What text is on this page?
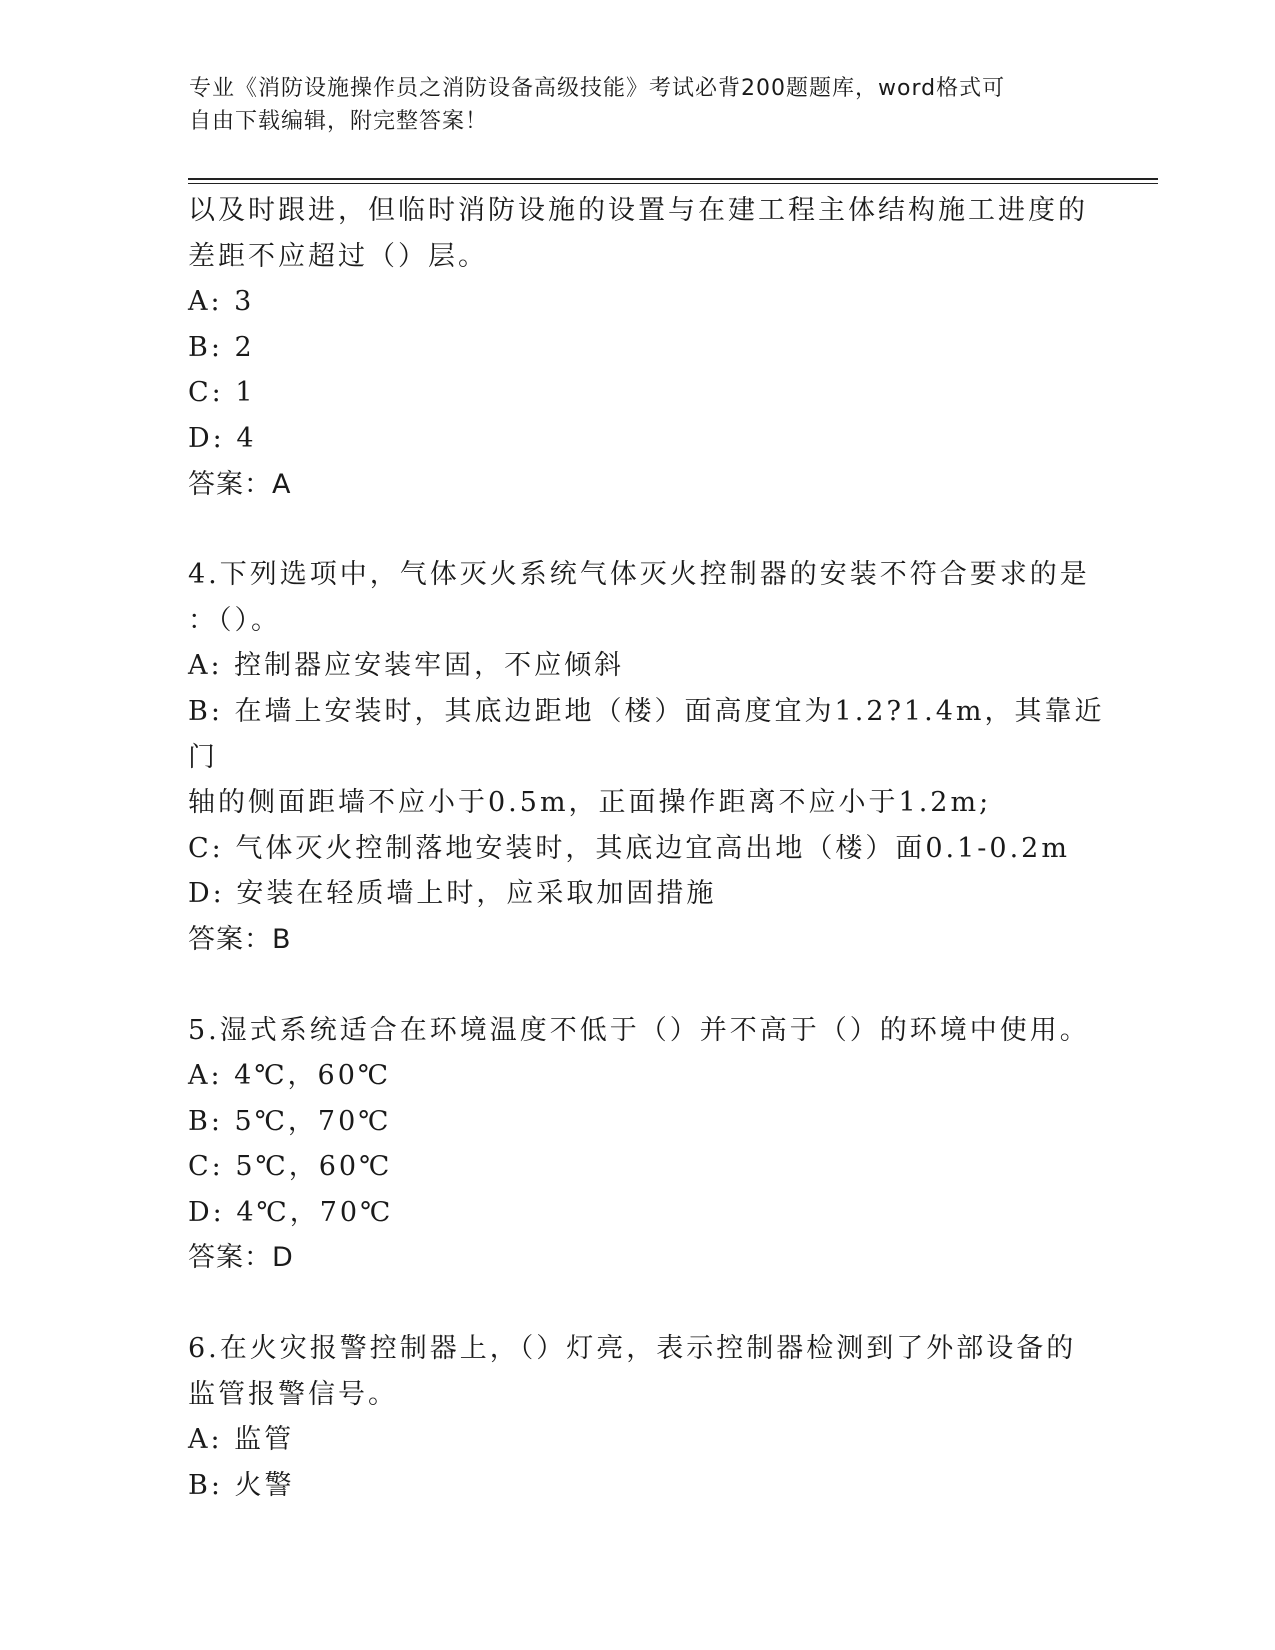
专业《消防设施操作员之消防设备高级技能》考试必背200题题库，word格式可
自由下载编辑，附完整答案！

以及时跟进，但临时消防设施的设置与在建工程主体结构施工进度的

差距不应超过（）层。

A: 3

B: 2

C: 1

D: 4

答案：A

4.下列选项中，气体灭火系统气体灭火控制器的安装不符合要求的是

：（）。

A: 控制器应安装牢固，不应倾斜

B: 在墙上安装时，其底边距地（楼）面高度宜为1.2?1.4m，其靠近门

轴的侧面距墙不应小于0.5m，正面操作距离不应小于1.2m;

C: 气体灭火控制落地安装时，其底边宜高出地（楼）面0.1-0.2m

D: 安装在轻质墙上时，应采取加固措施

答案：B

5.湿式系统适合在环境温度不低于（）并不高于（）的环境中使用。

A: 4℃，60℃

B: 5℃，70℃

C: 5℃，60℃

D: 4℃，70℃

答案：D

6.在火灾报警控制器上，（）灯亮，表示控制器检测到了外部设备的

监管报警信号。

A: 监管

B: 火警
